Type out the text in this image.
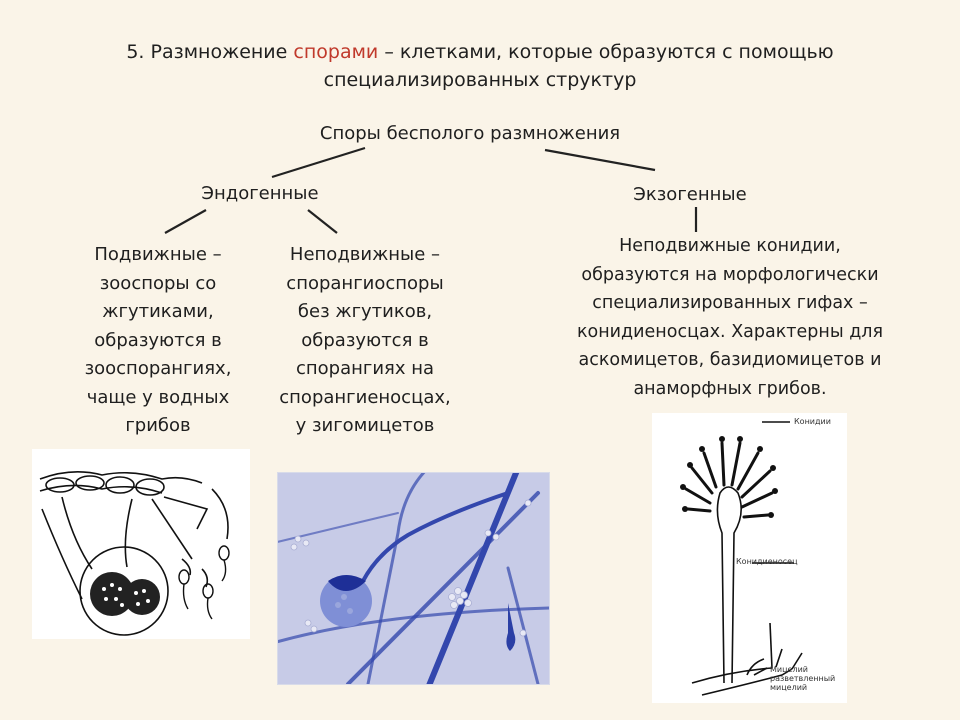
5. Размножение спорами – клетками, которые образуются с помощью
специализированных структур
Споры бесполого размножения
Эндогенные	Экзогенные
Подвижные –
зооспоры со
жгутиками,
образуются в
зооспорангиях,
чаще у водных
грибов
Неподвижные –
спорангиоспоры
без жгутиков,
образуются в
спорангиях на
спорангиеносцах,
у зигомицетов
Неподвижные конидии,
образуются на морфологически
специализированных гифах –
конидиеносцах. Характерны для
аскомицетов, базидиомицетов и
анаморфных грибов.
Конидии
Конидиеносец
Мицелий
разветвленный
мицелий
